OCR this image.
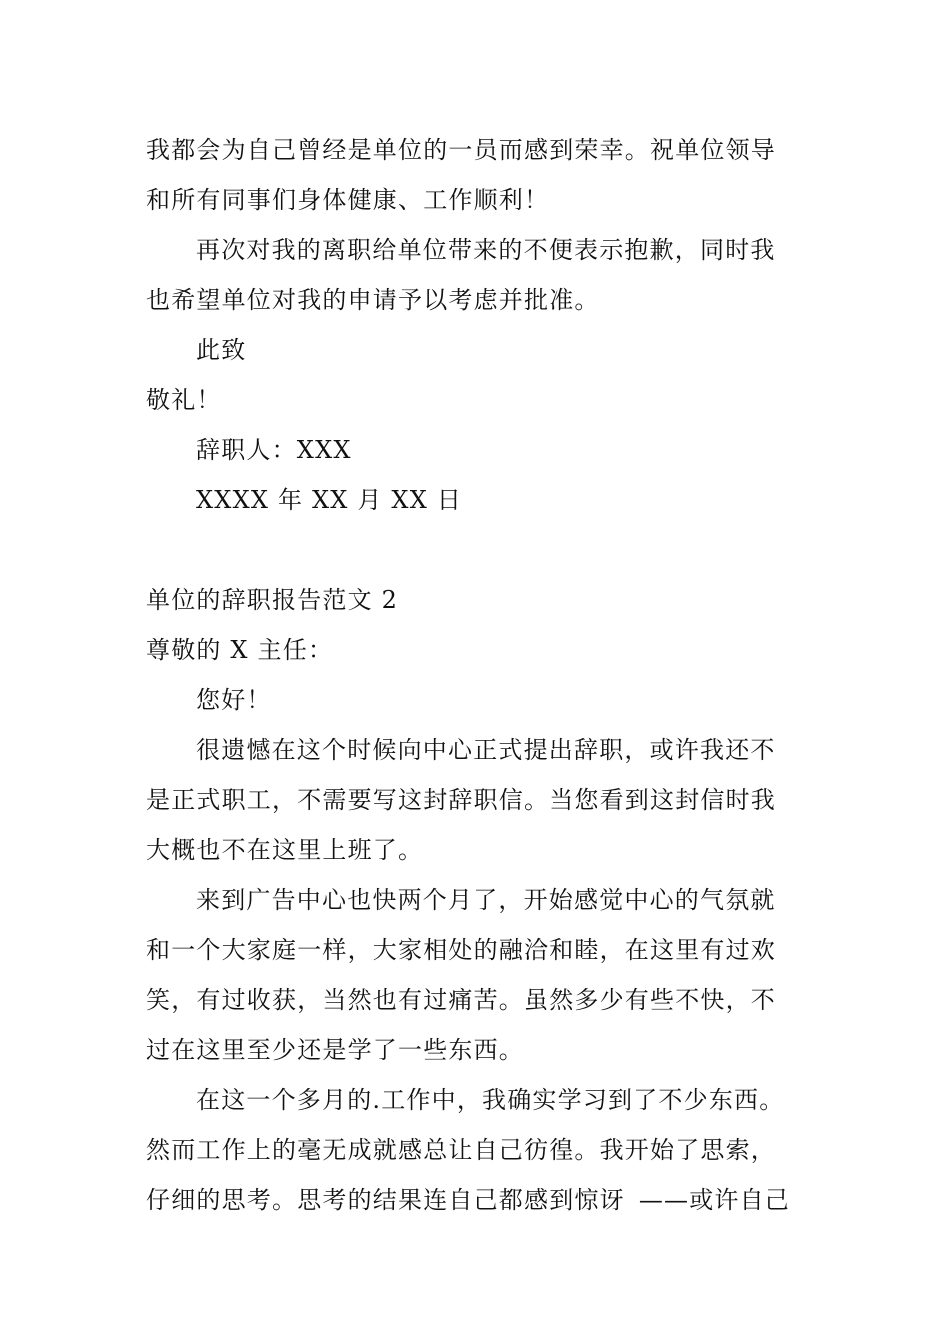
我都会为自己曾经是单位的一员而感到荣幸。祝单位领导
和所有同事们身体健康、工作顺利！
再次对我的离职给单位带来的不便表示抱歉，同时我
也希望单位对我的申请予以考虑并批准。
此致
敬礼！
辞职人：XXX
XXXX 年 XX 月 XX 日
单位的辞职报告范文 2
尊敬的 X 主任：
您好！
很遗憾在这个时候向中心正式提出辞职，或许我还不
是正式职工，不需要写这封辞职信。当您看到这封信时我
大概也不在这里上班了。
来到广告中心也快两个月了，开始感觉中心的气氛就
和一个大家庭一样，大家相处的融洽和睦，在这里有过欢
笑，有过收获，当然也有过痛苦。虽然多少有些不快，不
过在这里至少还是学了一些东西。
在这一个多月的.工作中，我确实学习到了不少东西。
然而工作上的毫无成就感总让自己彷徨。我开始了思索，
仔细的思考。思考的结果连自己都感到惊讶 ——或许自己
